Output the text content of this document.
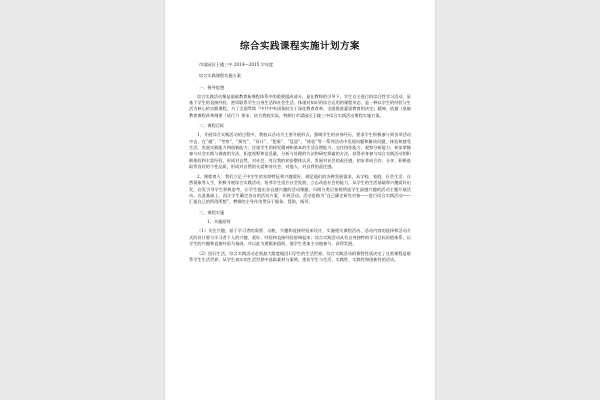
综合实践课程实施计划方案

市梁园区王楼三中 2014—2015 学年度

综合实践课程实施方案

一、指导思想

综合实践活动课是基础教育新课程体系中的重要组成部分，是在教师的引导下，学生自主进行的综合性学习活动，是基于学生的直接经验、密切联系学生自身生活和社会生活，体现对知识的综合运用的课程形态，是一种以学生的经验与生活为核心的实践课程。为了全面贯彻『中共中央国务院关于深化教育改革，全面推进素质教育的决定』精神，依据《基础教育课程改革纲要（试行）》要求，结合我校实际，特制订市梁园区王楼三中综合实践活动课程实施方案。

二、课程目标

1、开展综合实践活动的过程中，我校以活动为主要开展形式，强调学生的亲身经历，要求学生积极参与到各项活动中去，在“做”、“考察”、“探究”、“设计”、“想象”、“反思”、“体验”等一系列活动中发现问题和解决问题，体验和感受生活，发展实践能力和创新能力；注重学生的探究精神和基本的生活自理能力、交往协作能力、观察分析能力；初步掌握参与社会实践与调查的方法，拓宽视野和信息量，分析与处理的方法和研究探索的方法，获得亲身参与综合实践活动的积极体验和丰富经验，形成对自然、对社会、对自我的初步整体认识，发展对社会的责任感，初步养成合作、分享、积极进取等良好的个性品质，形成对自然的关爱和对社会、对他人、对自我的责任感。

2、课程育人：我们立足于中学生的年龄特征和兴趣爱好，满足他们的各种发展需求，从学校、家庭、社会生活、自然现象等入手，积极开展综合实践活动，培养学生适应社会发展、立志改造社会的能力，从学生的生活基础和兴趣爱好出发，启发引导学生积极思考，让学生提出各自感兴趣的活动课题，归纳分类后按照所选学生最感兴趣的活动主题开展活动。在此基础上，再让学生确定各自的活动方案，开展活动。活动思路为“自己确定研究对象——进行综合实践活动——汇报自己的所得所想”，教师的主导作用贯穿于服务、帮助、指导。

三、课程实施

1、实施原则

（1）关注兴趣，基于学习者的需要、动机、兴趣和直接经验来设计，实施相关课程活动，活动内容的选择和活动方式的设计要与学习者个人的兴趣、爱好、经验和直接经验协调起来；综合实践活动具有自身独特的学习目标价值体系，以学生的兴趣和直接经验为基础，并以此为逻辑来组织，使学生更加主动地参与，获得发展。

（2）回归生活，综合实践活动必须最大限度地回归学生的生活世界，综合实践活动的课程性质决定了这类课程是联系学生生活世界，从学生真实的生活世界中选取素材与案例，密切学生与生活、实践性、实践性和创新性的活动。
